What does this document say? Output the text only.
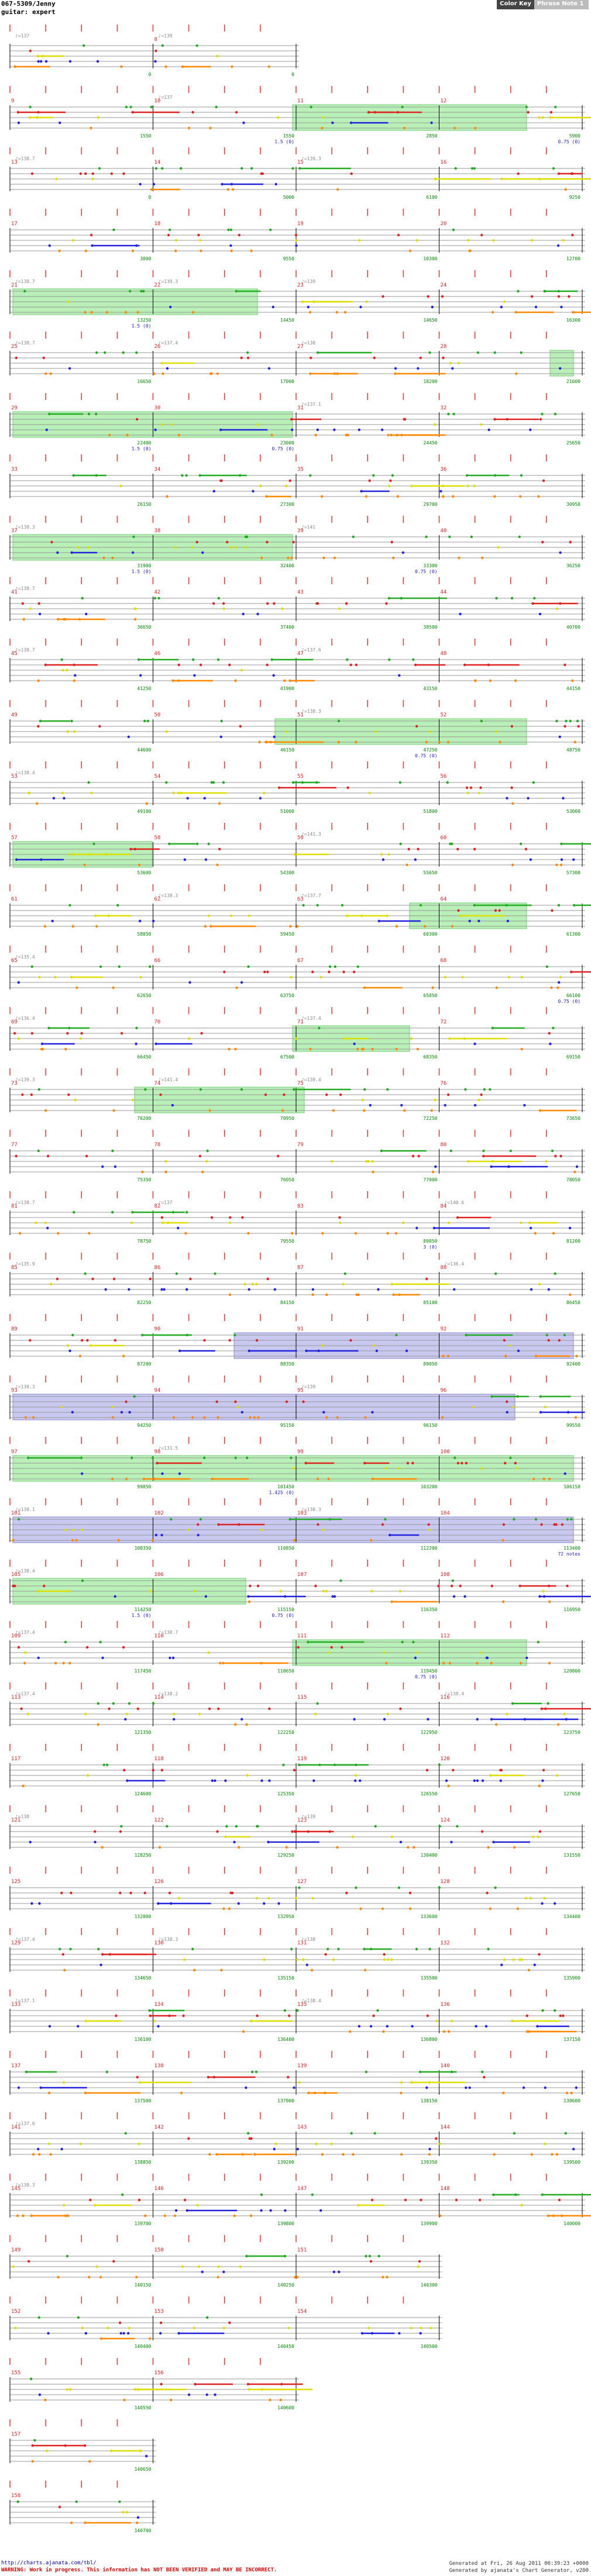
067-5309/Jenny
guitar: expert
Color Key	Phrase Note 1
8
♪=137	♪=139
0	0
9	10	11	12
♪=137
1550	1550	2850	5900
1.5 (0)	0.75 (0)
13	14	15	16
♪=138.7	♪=139.3
0	5000	6100	9250
17	18	19	20
3000	9550	10300	12700
21	22	23	24
♪=138.7	♪=139.3	♪=139
13250	14450	14650	16300
1.5 (0)
25	26	27	28
♪=138.7	♪=137.4	♪=138
16650	17000	18200	21600
29	30	31	32
♪=137.1
22400	23000	24450	25650
1.5 (0)	0.75 (0)
33	34	35	36
26150	27300	29700	30950
37	38	39	40
♪=138.3	♪=141
31900	32400	33300	36250
1.5 (0)	0.75 (0)
41	42	43	44
♪=138.7
36650	37400	38500	40700
45	46	47	48
♪=138.7	♪=137.6
41250	41900	43150	44150
49	50	51	52
♪=138.3
44600	46150	47250	48750
0.75 (0)
53	54	55	56
♪=138.4
49100	51000	51800	53000
57	58	59	60
♪=141.3
53600	54300	55650	57300
61	62	63	64
♪=138.3	♪=137.7
58050	59450	60300	61300
65	66	67	68
♪=135.4
62650	63750	65050	66100
0.75 (0)
69	70	71	72
♪=136.4	♪=137.4
66450	67500	68350	69150
73	74	75	76
♪=139.3	♪=141.4	♪=139.4
70200	70950	72250	73650
77	78	79	80
75350	76050	77000	78050
81	82	83	84
♪=138.7	♪=137	♪=140.6
78750	79550	80050	81200
3 (0)
85	86	87	88
♪=135.9	♪=136.4
82250	84150	85100	86450
89	90	91	92
87200	88350	89050	92400
93	94	95	96
♪=138.3	♪=139
94250	95150	96150	99550
97	98	99	100
♪=131.5
99850	101450	103200	106150
1.425 (0)
101	102	103	104
♪=138.1	♪=138.3
108350	110850	112200	113400
72 notes
105	106	107	108
♪=138.4
114250	115150	116350	116950
1.5 (0)	0.75 (0)
109	110	111	112
♪=137.4	♪=138.7
117450	118650	119450	120800
0.75 (0)
113	114	115	116
♪=137.4	♪=138.2	♪=138.4
121350	122250	122950	123750
117	118	119	120
124600	125350	126550	127650
121	122	123	124
♪=138	♪=139
128250	129250	130400	131550
125	126	127	128
132000	132950	133600	134400
129	130	131	132
♪=137.4	♪=138.3	♪=138
134650	135150	135500	135900
133	134	135	136
♪=137.1	♪=138.4
136100	136400	136800	137150
137	138	139	140
137500	137900	138150	138600
141	142	143	144
♪=137.6
138850	139200	139350	139500
145	146	147	148
♪=138.3
139700	139800	139900	140000
149	150	151
140150	140250	140300
152	153	154
140400	140450	140500
155	156
140550	140600
157
140650
158
140700
http://charts.ajanata.com/tbl/
WARNING: Work in progress. This information has NOT BEEN VERIFIED and MAY BE INCORRECT.
Generated at Fri, 26 Aug 2011 00:39:23 +0000
Generated by ajanata's Chart Generator, v200
